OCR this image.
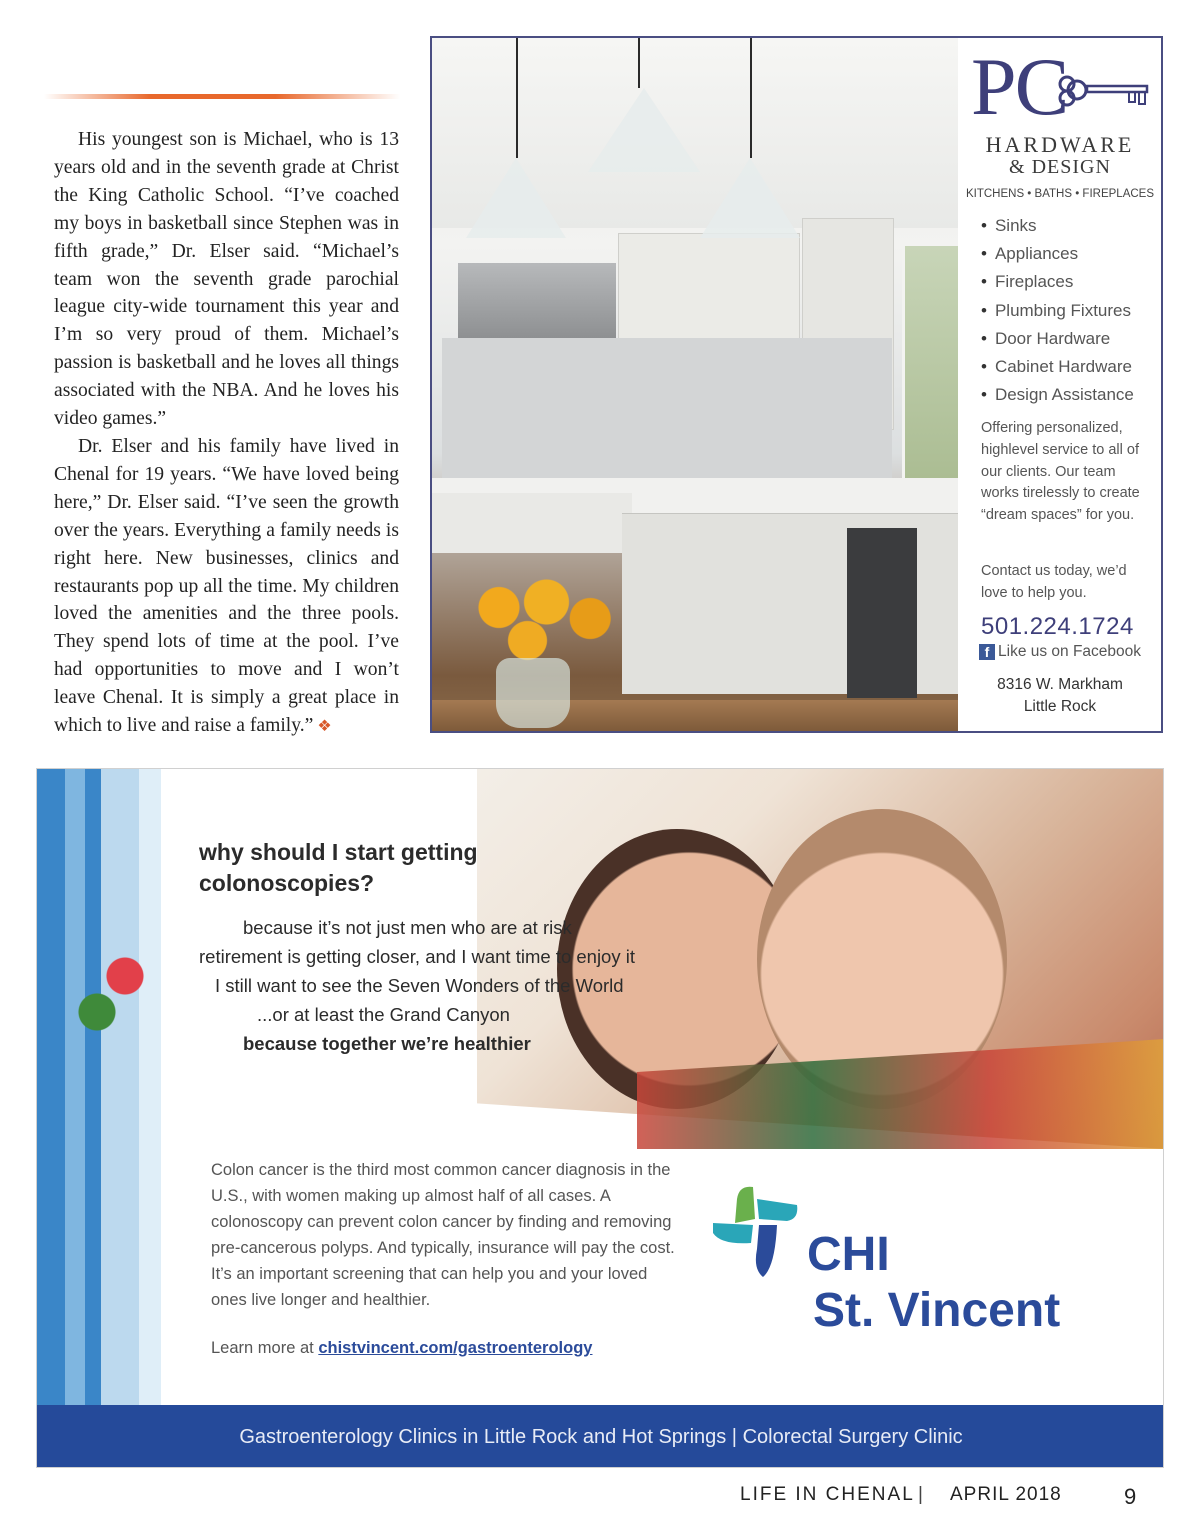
His youngest son is Michael, who is 13 years old and in the seventh grade at Christ the King Catholic School. “I’ve coached my boys in basketball since Stephen was in fifth grade,” Dr. Elser said. “Michael’s team won the seventh grade parochial league city-wide tournament this year and I’m so very proud of them. Michael’s passion is basketball and he loves all things associated with the NBA. And he loves his video games.”

Dr. Elser and his family have lived in Chenal for 19 years. “We have loved being here,” Dr. Elser said. “I’ve seen the growth over the years. Everything a family needs is right here. New businesses, clinics and restaurants pop up all the time. My children loved the amenities and the three pools. They spend lots of time at the pool. I’ve had opportunities to move and I won’t leave Chenal. It is simply a great place in which to live and raise a family.” ❖

PC
HARDWARE
& DESIGN
KITCHENS • BATHS • FIREPLACES
• Sinks
• Appliances
• Fireplaces
• Plumbing Fixtures
• Door Hardware
• Cabinet Hardware
• Design Assistance
Offering personalized, highlevel service to all of our clients. Our team works tirelessly to create “dream spaces” for you.
Contact us today, we’d love to help you.
501.224.1724
f Like us on Facebook
8316 W. Markham
Little Rock
why should I start getting
colonoscopies?
because it’s not just men who are at risk
retirement is getting closer, and I want time to enjoy it
I still want to see the Seven Wonders of the World
...or at least the Grand Canyon
because together we’re healthier
Colon cancer is the third most common cancer diagnosis in the U.S., with women making up almost half of all cases. A colonoscopy can prevent colon cancer by finding and removing pre-cancerous polyps. And typically, insurance will pay the cost. It’s an important screening that can help you and your loved ones live longer and healthier.
Learn more at chistvincent.com/gastroenterology
CHI
St. Vincent
Gastroenterology Clinics in Little Rock and Hot Springs | Colorectal Surgery Clinic
LIFE IN CHENAL | APRIL 2018	9
